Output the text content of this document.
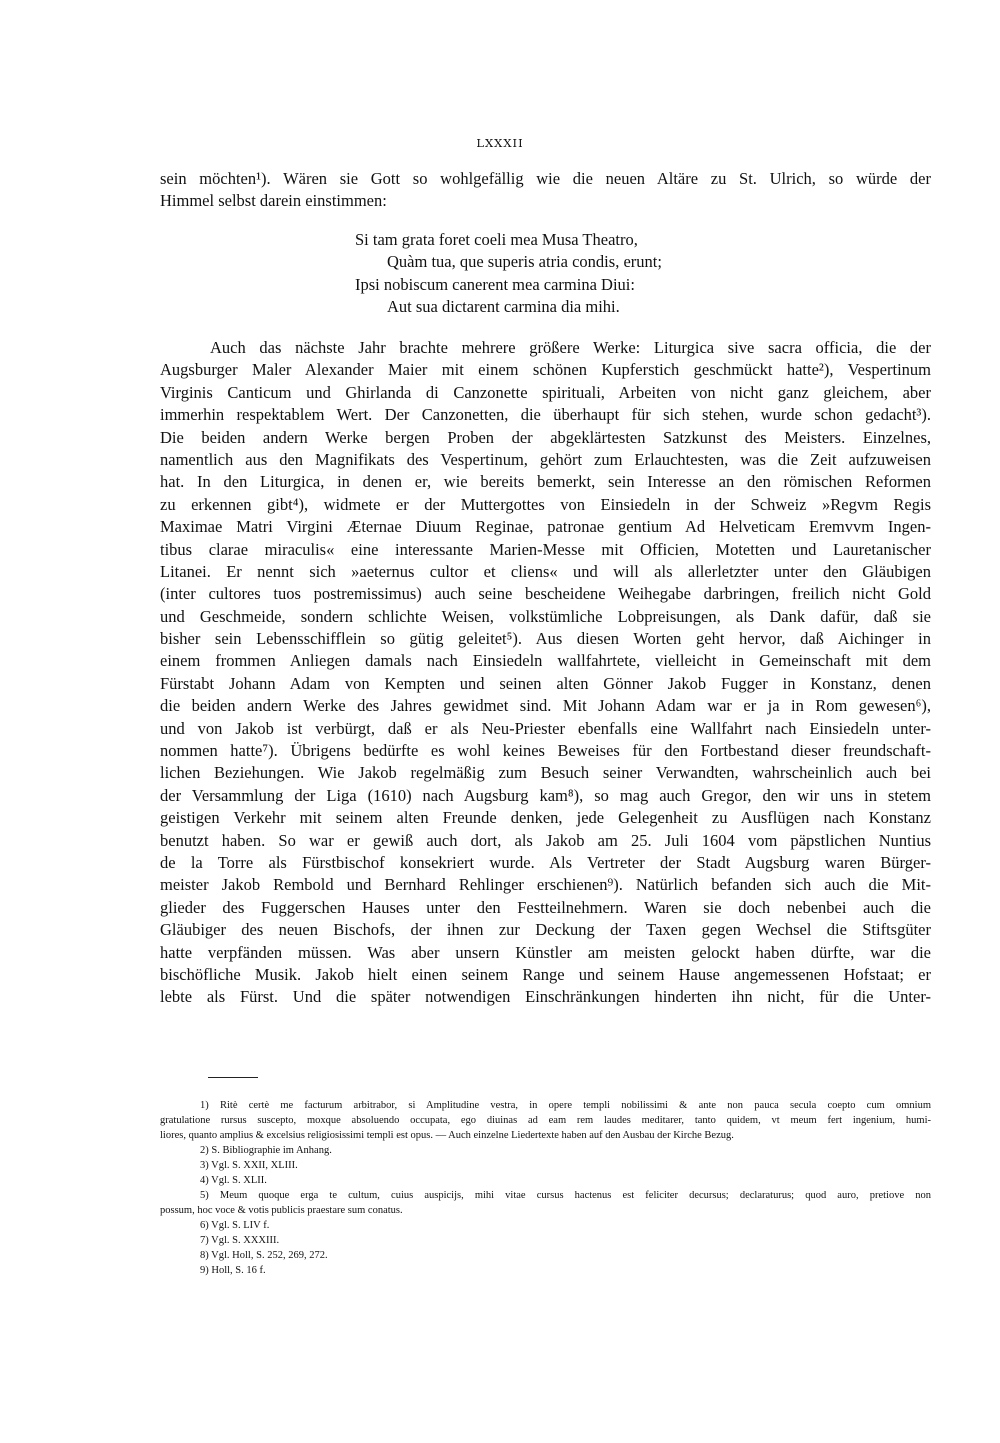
LXXXII
sein möchten¹). Wären sie Gott so wohlgefällig wie die neuen Altäre zu St. Ulrich, so würde der
Himmel selbst darein einstimmen:
Si tam grata foret coeli mea Musa Theatro,
Quàm tua, que superis atria condis, erunt;
Ipsi nobiscum canerent mea carmina Diui:
Aut sua dictarent carmina dia mihi.
Auch das nächste Jahr brachte mehrere größere Werke: Liturgica sive sacra officia, die der
Augsburger Maler Alexander Maier mit einem schönen Kupferstich geschmückt hatte²), Vespertinum
Virginis Canticum und Ghirlanda di Canzonette spirituali, Arbeiten von nicht ganz gleichem, aber
immerhin respektablem Wert. Der Canzonetten, die überhaupt für sich stehen, wurde schon gedacht³).
Die beiden andern Werke bergen Proben der abgeklärtesten Satzkunst des Meisters. Einzelnes,
namentlich aus den Magnifikats des Vespertinum, gehört zum Erlauchtesten, was die Zeit aufzuweisen
hat. In den Liturgica, in denen er, wie bereits bemerkt, sein Interesse an den römischen Reformen
zu erkennen gibt⁴), widmete er der Muttergottes von Einsiedeln in der Schweiz »Regvm Regis
Maximae Matri Virgini Æternae Diuum Reginae, patronae gentium Ad Helveticam Eremvvm Ingen-
tibus clarae miraculis« eine interessante Marien-Messe mit Officien, Motetten und Lauretanischer
Litanei. Er nennt sich »aeternus cultor et cliens« und will als allerletzter unter den Gläubigen
(inter cultores tuos postremissimus) auch seine bescheidene Weihegabe darbringen, freilich nicht Gold
und Geschmeide, sondern schlichte Weisen, volkstümliche Lobpreisungen, als Dank dafür, daß sie
bisher sein Lebensschifflein so gütig geleitet⁵). Aus diesen Worten geht hervor, daß Aichinger in
einem frommen Anliegen damals nach Einsiedeln wallfahrtete, vielleicht in Gemeinschaft mit dem
Fürstabt Johann Adam von Kempten und seinen alten Gönner Jakob Fugger in Konstanz, denen
die beiden andern Werke des Jahres gewidmet sind. Mit Johann Adam war er ja in Rom gewesen⁶),
und von Jakob ist verbürgt, daß er als Neu-Priester ebenfalls eine Wallfahrt nach Einsiedeln unter-
nommen hatte⁷). Übrigens bedürfte es wohl keines Beweises für den Fortbestand dieser freundschaft-
lichen Beziehungen. Wie Jakob regelmäßig zum Besuch seiner Verwandten, wahrscheinlich auch bei
der Versammlung der Liga (1610) nach Augsburg kam⁸), so mag auch Gregor, den wir uns in stetem
geistigen Verkehr mit seinem alten Freunde denken, jede Gelegenheit zu Ausflügen nach Konstanz
benutzt haben. So war er gewiß auch dort, als Jakob am 25. Juli 1604 vom päpstlichen Nuntius
de la Torre als Fürstbischof konsekriert wurde. Als Vertreter der Stadt Augsburg waren Bürger-
meister Jakob Rembold und Bernhard Rehlinger erschienen⁹). Natürlich befanden sich auch die Mit-
glieder des Fuggerschen Hauses unter den Festteilnehmern. Waren sie doch nebenbei auch die
Gläubiger des neuen Bischofs, der ihnen zur Deckung der Taxen gegen Wechsel die Stiftsgüter
hatte verpfänden müssen. Was aber unsern Künstler am meisten gelockt haben dürfte, war die
bischöfliche Musik. Jakob hielt einen seinem Range und seinem Hause angemessenen Hofstaat; er
lebte als Fürst. Und die später notwendigen Einschränkungen hinderten ihn nicht, für die Unter-
1) Ritè certè me facturum arbitrabor, si Amplitudine vestra, in opere templi nobilissimi & ante non pauca secula coepto cum omnium
gratulatione rursus suscepto, moxque absoluendo occupata, ego diuinas ad eam rem laudes meditarer, tanto quidem, vt meum fert ingenium, humi-
liores, quanto amplius & excelsius religiosissimi templi est opus. — Auch einzelne Liedertexte haben auf den Ausbau der Kirche Bezug.
2) S. Bibliographie im Anhang.
3) Vgl. S. XXII, XLIII.
4) Vgl. S. XLII.
5) Meum quoque erga te cultum, cuius auspicijs, mihi vitae cursus hactenus est feliciter decursus; declaraturus; quod auro, pretiove non
possum, hoc voce & votis publicis praestare sum conatus.
6) Vgl. S. LIV f.
7) Vgl. S. XXXIII.
8) Vgl. Holl, S. 252, 269, 272.
9) Holl, S. 16 f.
